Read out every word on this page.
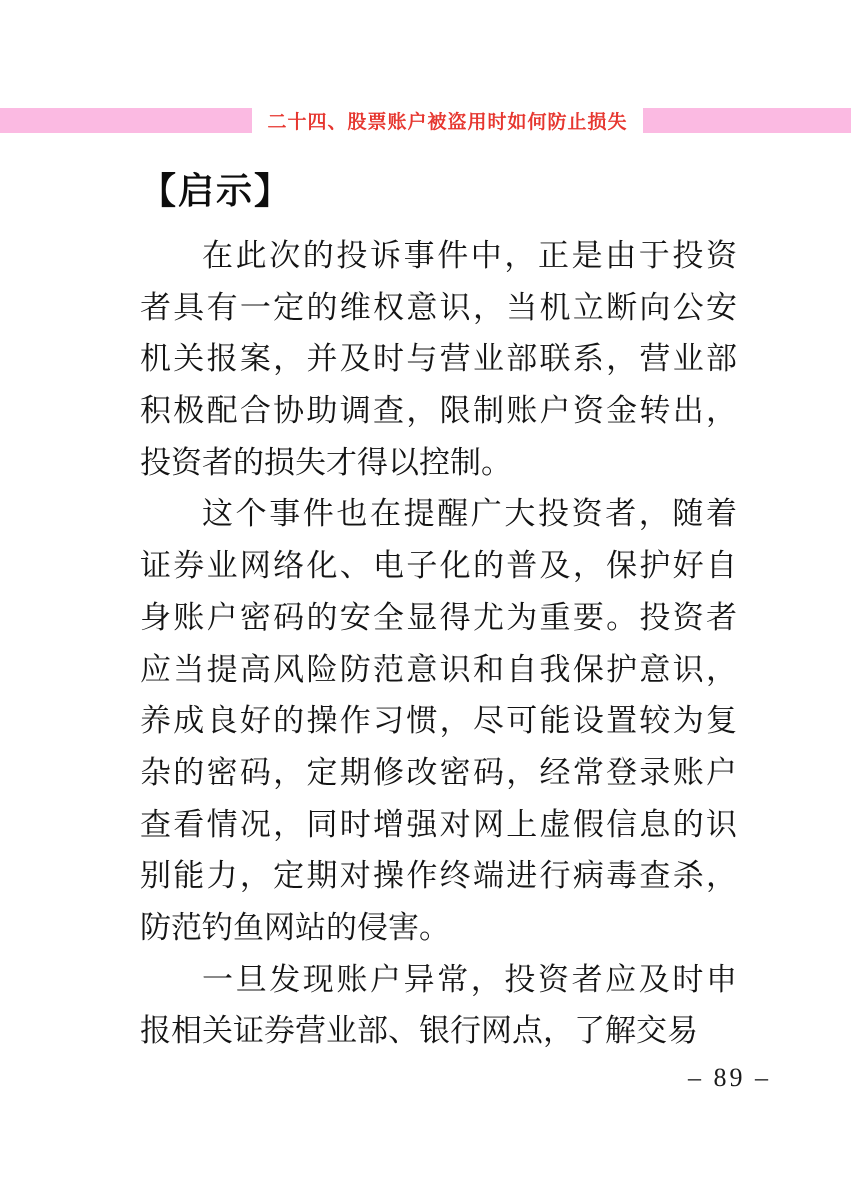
二十四、股票账户被盗用时如何防止损失
【启示】
在此次的投诉事件中，正是由于投资
者具有一定的维权意识，当机立断向公安
机关报案，并及时与营业部联系，营业部
积极配合协助调查，限制账户资金转出，
投资者的损失才得以控制。
这个事件也在提醒广大投资者，随着
证券业网络化、电子化的普及，保护好自
身账户密码的安全显得尤为重要。投资者
应当提高风险防范意识和自我保护意识，
养成良好的操作习惯，尽可能设置较为复
杂的密码，定期修改密码，经常登录账户
查看情况，同时增强对网上虚假信息的识
别能力，定期对操作终端进行病毒查杀，
防范钓鱼网站的侵害。
一旦发现账户异常，投资者应及时申
报相关证券营业部、银行网点，了解交易
– 89 –
